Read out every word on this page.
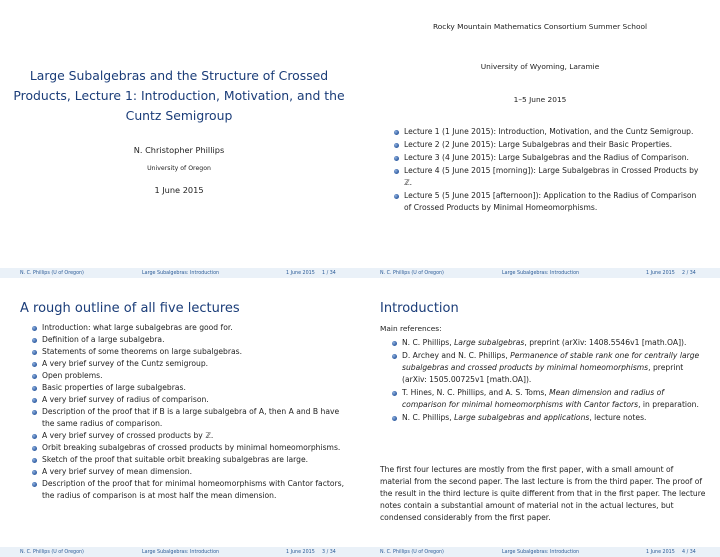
Large Subalgebras and the Structure of Crossed
Products, Lecture 1: Introduction, Motivation, and the
Cuntz Semigroup
N. Christopher Phillips
University of Oregon
1 June 2015
N. C. Phillips (U of Oregon)	Large Subalgebras: Introduction	1 June 2015 1 / 34
Rocky Mountain Mathematics Consortium Summer School
University of Wyoming, Laramie
1–5 June 2015
Lecture 1 (1 June 2015): Introduction, Motivation, and the Cuntz Semigroup.
Lecture 2 (2 June 2015): Large Subalgebras and their Basic Properties.
Lecture 3 (4 June 2015): Large Subalgebras and the Radius of Comparison.
Lecture 4 (5 June 2015 [morning]): Large Subalgebras in Crossed Products by ℤ.
Lecture 5 (5 June 2015 [afternoon]): Application to the Radius of Comparison of Crossed Products by Minimal Homeomorphisms.
N. C. Phillips (U of Oregon)	Large Subalgebras: Introduction	1 June 2015 2 / 34
A rough outline of all five lectures
Introduction: what large subalgebras are good for.
Definition of a large subalgebra.
Statements of some theorems on large subalgebras.
A very brief survey of the Cuntz semigroup.
Open problems.
Basic properties of large subalgebras.
A very brief survey of radius of comparison.
Description of the proof that if B is a large subalgebra of A, then A and B have the same radius of comparison.
A very brief survey of crossed products by ℤ.
Orbit breaking subalgebras of crossed products by minimal homeomorphisms.
Sketch of the proof that suitable orbit breaking subalgebras are large.
A very brief survey of mean dimension.
Description of the proof that for minimal homeomorphisms with Cantor factors, the radius of comparison is at most half the mean dimension.
N. C. Phillips (U of Oregon)	Large Subalgebras: Introduction	1 June 2015 3 / 34
Introduction
Main references:
N. C. Phillips, Large subalgebras, preprint (arXiv: 1408.5546v1 [math.OA]).
D. Archey and N. C. Phillips, Permanence of stable rank one for centrally large subalgebras and crossed products by minimal homeomorphisms, preprint (arXiv: 1505.00725v1 [math.OA]).
T. Hines, N. C. Phillips, and A. S. Toms, Mean dimension and radius of comparison for minimal homeomorphisms with Cantor factors, in preparation.
N. C. Phillips, Large subalgebras and applications, lecture notes.
The first four lectures are mostly from the first paper, with a small amount of material from the second paper. The last lecture is from the third paper. The proof of the result in the third lecture is quite different from that in the first paper. The lecture notes contain a substantial amount of material not in the actual lectures, but condensed considerably from the first paper.
N. C. Phillips (U of Oregon)	Large Subalgebras: Introduction	1 June 2015 4 / 34
